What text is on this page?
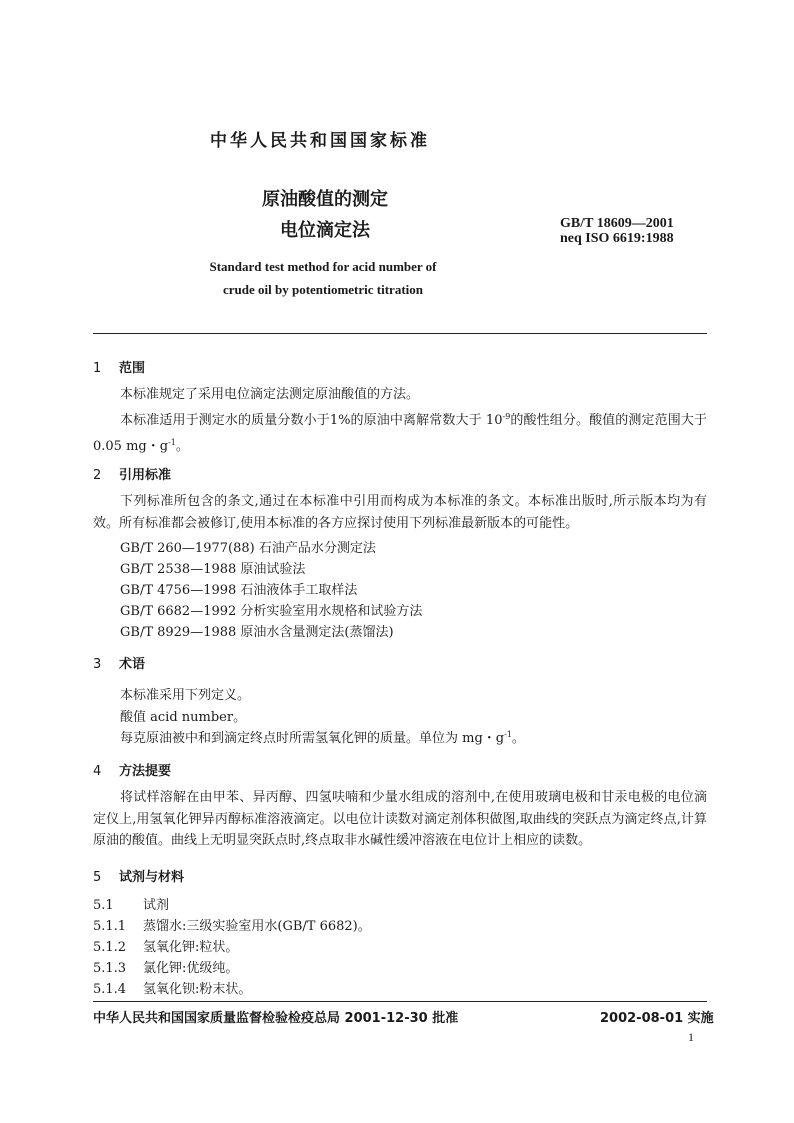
中华人民共和国国家标准
原油酸值的测定
电位滴定法	GB/T 18609—2001
neq ISO 6619:1988
Standard test method for acid number of
crude oil by potentiometric titration
1 范围
本标准规定了采用电位滴定法测定原油酸值的方法。
本标准适用于测定水的质量分数小于1%的原油中离解常数大于 $10^{-9}$的酸性组分。酸值的测定范围大于 0.05 mg・$g^{-1}$。
2 引用标准
下列标准所包含的条文,通过在本标准中引用而构成为本标准的条文。本标准出版时,所示版本均为有效。所有标准都会被修订,使用本标准的各方应探讨使用下列标准最新版本的可能性。
GB/T 260—1977(88) 石油产品水分测定法
GB/T 2538—1988 原油试验法
GB/T 4756—1998 石油液体手工取样法
GB/T 6682—1992 分析实验室用水规格和试验方法
GB/T 8929—1988 原油水含量测定法(蒸馏法)
3 术语
本标准采用下列定义。
酸值 acid number。
每克原油被中和到滴定终点时所需氢氧化钾的质量。单位为 mg・$g^{-1}$。
4 方法提要
将试样溶解在由甲苯、异丙醇、四氢呋喃和少量水组成的溶剂中,在使用玻璃电极和甘汞电极的电位滴定仪上,用氢氧化钾异丙醇标准溶液滴定。以电位计读数对滴定剂体积做图,取曲线的突跃点为滴定终点,计算原油的酸值。曲线上无明显突跃点时,终点取非水碱性缓冲溶液在电位计上相应的读数。
5 试剂与材料
5.1 试剂
5.1.1 蒸馏水:三级实验室用水(GB/T 6682)。
5.1.2 氢氧化钾:粒状。
5.1.3 氯化钾:优级纯。
5.1.4 氢氧化钡:粉末状。
中华人民共和国国家质量监督检验检疫总局 2001-12-30 批准	2002-08-01 实施
1
